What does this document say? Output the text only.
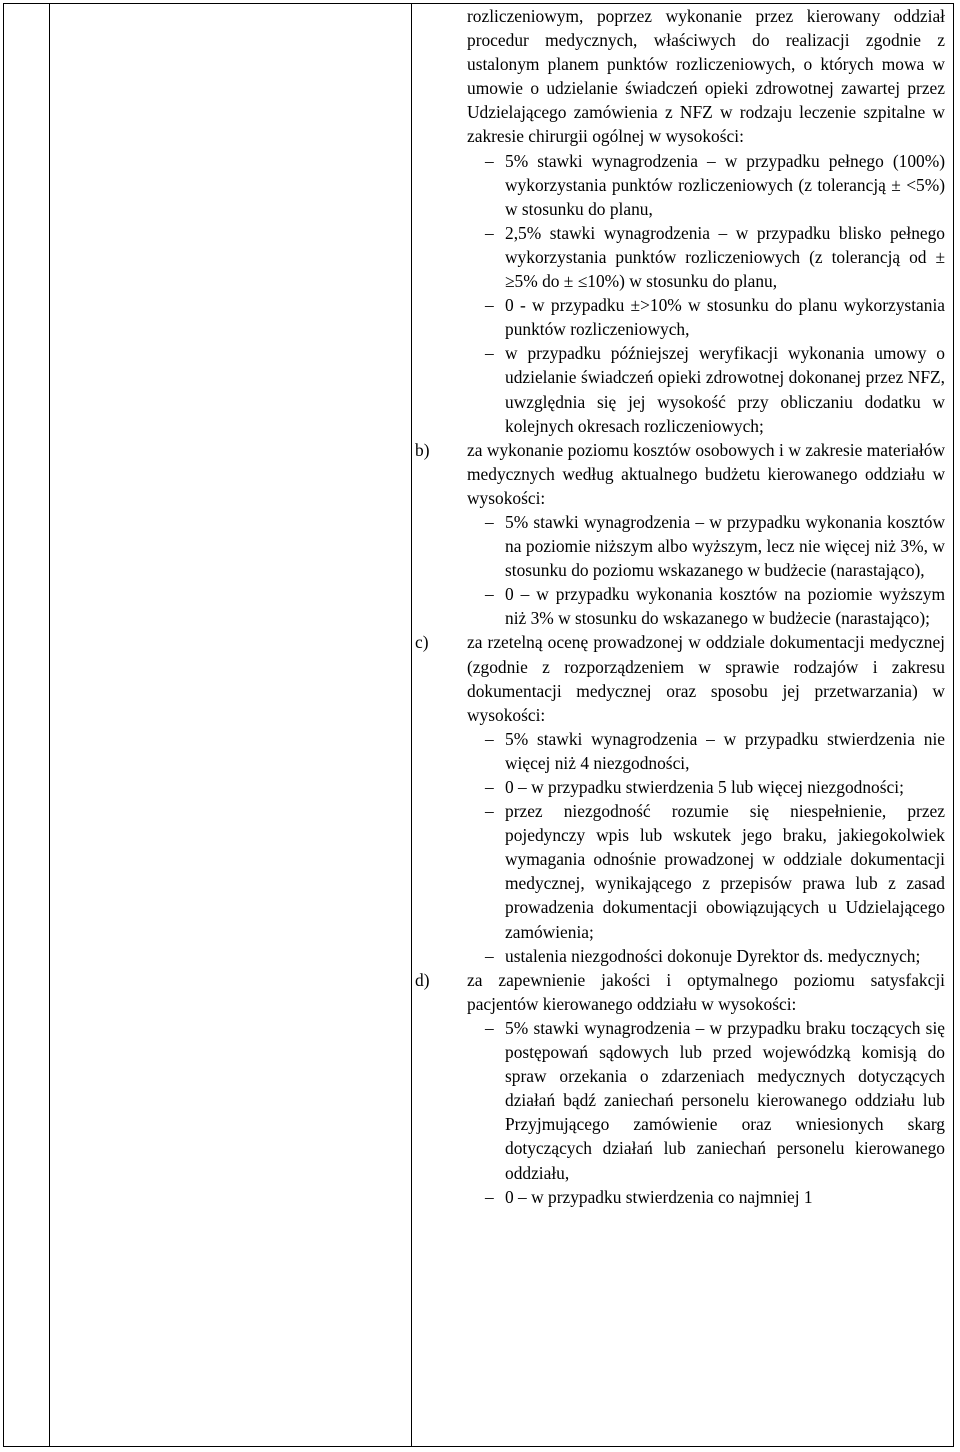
rozliczeniowym, poprzez wykonanie przez kierowany oddział procedur medycznych, właściwych do realizacji zgodnie z ustalonym planem punktów rozliczeniowych, o których mowa w umowie o udzielanie świadczeń opieki zdrowotnej zawartej przez Udzielającego zamówienia z NFZ w rodzaju leczenie szpitalne w zakresie chirurgii ogólnej w wysokości:

– 5% stawki wynagrodzenia – w przypadku pełnego (100%) wykorzystania punktów rozliczeniowych (z tolerancją ± <5%) w stosunku do planu,

– 2,5% stawki wynagrodzenia – w przypadku blisko pełnego wykorzystania punktów rozliczeniowych (z tolerancją od ± ≥5% do ± ≤10%) w stosunku do planu,

– 0 - w przypadku ±>10% w stosunku do planu wykorzystania punktów rozliczeniowych,

– w przypadku późniejszej weryfikacji wykonania umowy o udzielanie świadczeń opieki zdrowotnej dokonanej przez NFZ, uwzględnia się jej wysokość przy obliczaniu dodatku w kolejnych okresach rozliczeniowych;

b) za wykonanie poziomu kosztów osobowych i w zakresie materiałów medycznych według aktualnego budżetu kierowanego oddziału w wysokości:

– 5% stawki wynagrodzenia – w przypadku wykonania kosztów na poziomie niższym albo wyższym, lecz nie więcej niż 3%, w stosunku do poziomu wskazanego w budżecie (narastająco),

– 0 – w przypadku wykonania kosztów na poziomie wyższym niż 3% w stosunku do wskazanego w budżecie (narastająco);

c) za rzetelną ocenę prowadzonej w oddziale dokumentacji medycznej (zgodnie z rozporządzeniem w sprawie rodzajów i zakresu dokumentacji medycznej oraz sposobu jej przetwarzania) w wysokości:

– 5% stawki wynagrodzenia – w przypadku stwierdzenia nie więcej niż 4 niezgodności,

– 0 – w przypadku stwierdzenia 5 lub więcej niezgodności;

– przez niezgodność rozumie się niespełnienie, przez pojedynczy wpis lub wskutek jego braku, jakiegokolwiek wymagania odnośnie prowadzonej w oddziale dokumentacji medycznej, wynikającego z przepisów prawa lub z zasad prowadzenia dokumentacji obowiązujących u Udzielającego zamówienia;

– ustalenia niezgodności dokonuje Dyrektor ds. medycznych;

d) za zapewnienie jakości i optymalnego poziomu satysfakcji pacjentów kierowanego oddziału w wysokości:

– 5% stawki wynagrodzenia – w przypadku braku toczących się postępowań sądowych lub przed wojewódzką komisją do spraw orzekania o zdarzeniach medycznych dotyczących działań bądź zaniechań personelu kierowanego oddziału lub Przyjmującego zamówienie oraz wniesionych skarg dotyczących działań lub zaniechań personelu kierowanego oddziału,

– 0 – w przypadku stwierdzenia co najmniej 1
